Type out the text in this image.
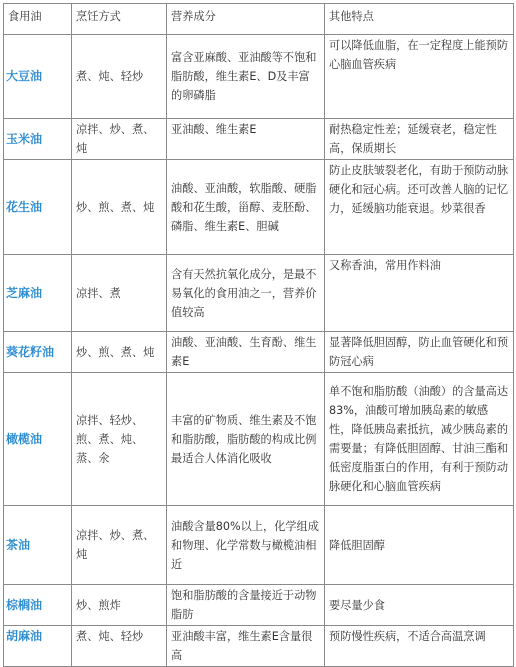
食用油	烹饪方式	营养成分	其他特点
大豆油	煮、炖、轻炒	富含亚麻酸、亚油酸等不饱和脂肪酸，维生素E、D及丰富的卵磷脂	可以降低血脂，在一定程度上能预防心脑血管疾病
玉米油	凉拌、炒、煮、炖	亚油酸、维生素E	耐热稳定性差；延缓衰老，稳定性高，保质期长
花生油	炒、煎、煮、炖	油酸、亚油酸，软脂酸、硬脂酸和花生酸，甾醇、麦胚酚、磷脂、维生素E、胆碱	防止皮肤皱裂老化，有助于预防动脉硬化和冠心病。还可改善人脑的记忆力，延缓脑功能衰退。炒菜很香
芝麻油	凉拌、煮	含有天然抗氧化成分，是最不易氧化的食用油之一，营养价值较高	又称香油，常用作料油
葵花籽油	炒、煎、煮、炖	油酸、亚油酸、生育酚、维生素E	显著降低胆固醇，防止血管硬化和预防冠心病
橄榄油	凉拌、轻炒、煎、煮、炖、蒸、氽	丰富的矿物质、维生素及不饱和脂肪酸，脂肪酸的构成比例最适合人体消化吸收	单不饱和脂肪酸（油酸）的含量高达83%，油酸可增加胰岛素的敏感性，降低胰岛素抵抗，减少胰岛素的需要量；有降低胆固醇、甘油三酯和低密度脂蛋白的作用，有利于预防动脉硬化和心脑血管疾病
茶油	凉拌、炒、煮、炖	油酸含量80%以上，化学组成和物理、化学常数与橄榄油相近	降低胆固醇
棕榈油	炒、煎炸	饱和脂肪酸的含量接近于动物脂肪	要尽量少食
胡麻油	煮、炖、轻炒	亚油酸丰富，维生素E含量很高	预防慢性疾病，不适合高温烹调
